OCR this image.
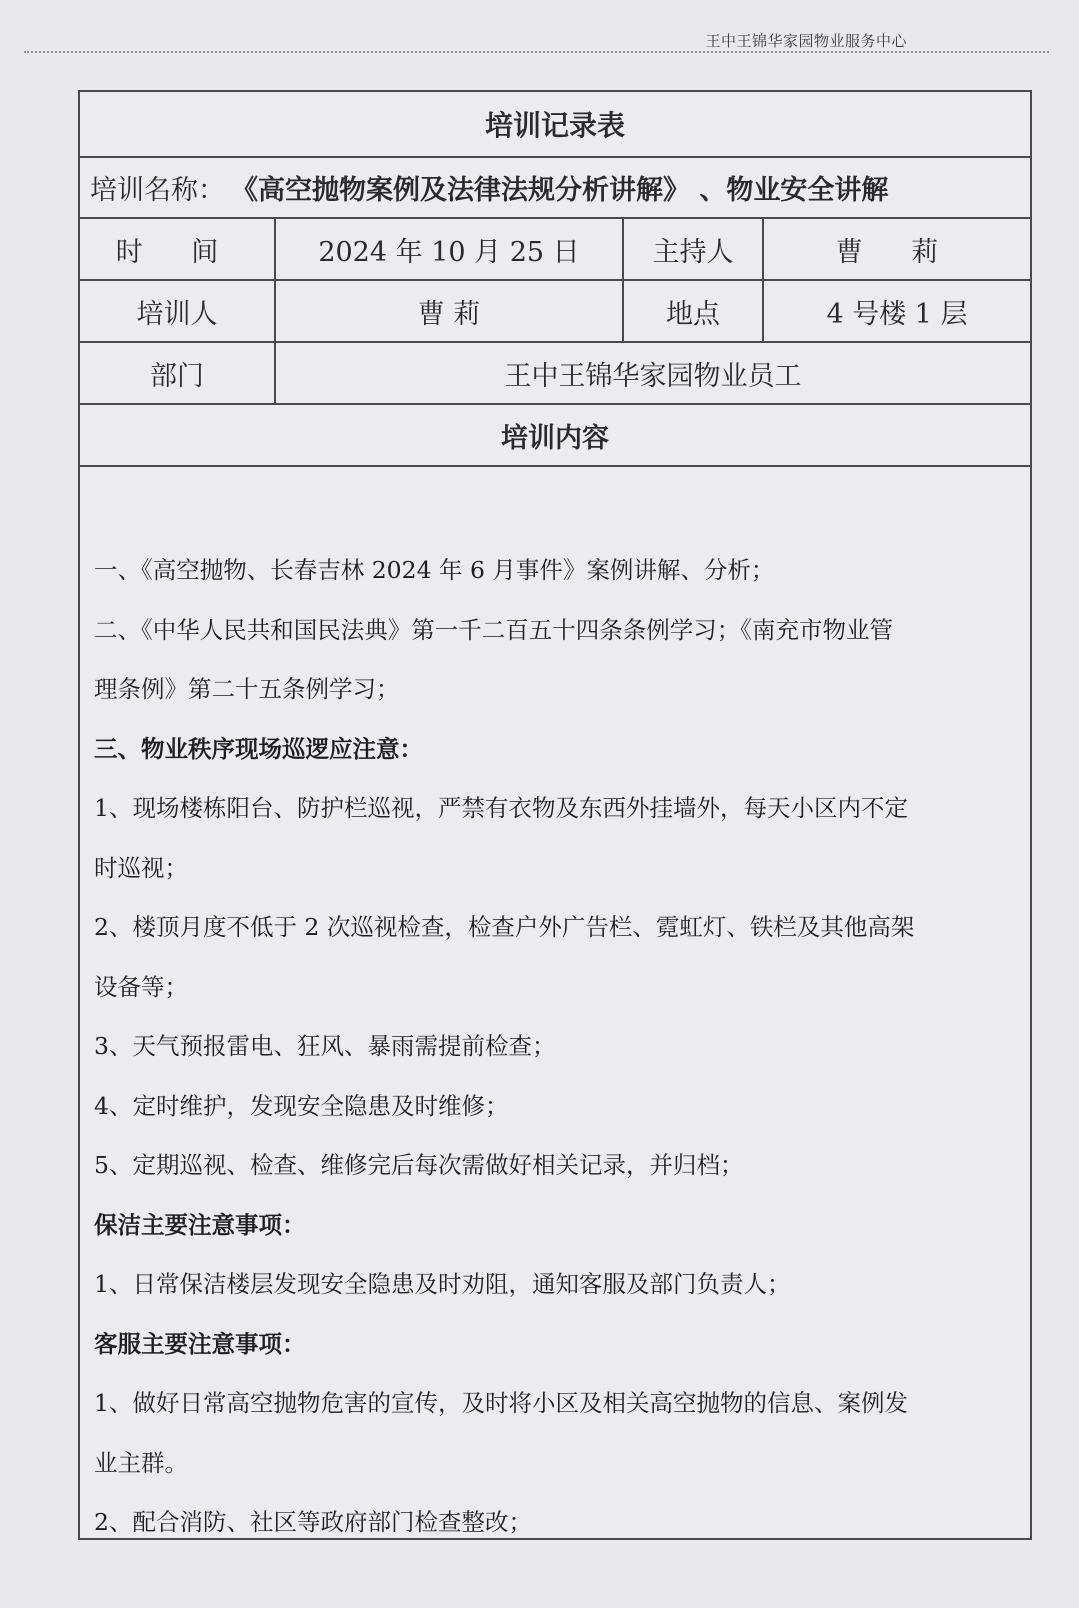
王中王锦华家园物业服务中心
培训记录表
培训名称： 《高空抛物案例及法律法规分析讲解》 、物业安全讲解
时 间	2024 年 10 月 25 日	主持人	曹 莉
培训人	曹 莉	地点	4 号楼 1 层
部门	王中王锦华家园物业员工
培训内容
一、《高空抛物、长春吉林 2024 年 6 月事件》案例讲解、分析；
二、《中华人民共和国民法典》第一千二百五十四条条例学习；《南充市物业管
理条例》第二十五条例学习；
三、物业秩序现场巡逻应注意：
1、现场楼栋阳台、防护栏巡视，严禁有衣物及东西外挂墙外，每天小区内不定
时巡视；
2、楼顶月度不低于 2 次巡视检查，检查户外广告栏、霓虹灯、铁栏及其他高架
设备等；
3、天气预报雷电、狂风、暴雨需提前检查；
4、定时维护，发现安全隐患及时维修；
5、定期巡视、检查、维修完后每次需做好相关记录，并归档；
保洁主要注意事项：
1、日常保洁楼层发现安全隐患及时劝阻，通知客服及部门负责人；
客服主要注意事项：
1、做好日常高空抛物危害的宣传，及时将小区及相关高空抛物的信息、案例发
业主群。
2、配合消防、社区等政府部门检查整改；
